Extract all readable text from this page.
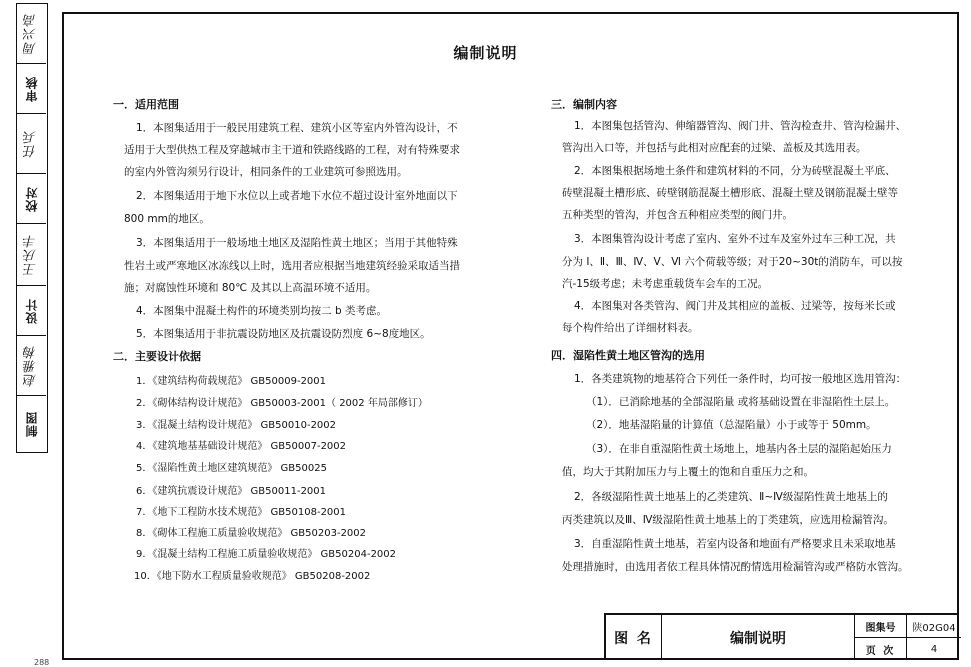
周兴高
审核
任兵
校对
王庆丰
设计
赵雅梅
制图
编制说明
一．适用范围
1．本图集适用于一般民用建筑工程、建筑小区等室内外管沟设计，不
适用于大型供热工程及穿越城市主干道和铁路线路的工程，对有特殊要求
的室内外管沟须另行设计，相同条件的工业建筑可参照选用。
2．本图集适用于地下水位以上或者地下水位不超过设计室外地面以下
800 mm的地区。
3．本图集适用于一般场地土地区及湿陷性黄土地区；当用于其他特殊
性岩土或严寒地区冰冻线以上时，选用者应根据当地建筑经验采取适当措
施；对腐蚀性环境和 80℃ 及其以上高温环境不适用。
4．本图集中混凝土构件的环境类别均按二 b 类考虑。
5．本图集适用于非抗震设防地区及抗震设防烈度 6~8度地区。
二．主要设计依据
1．《建筑结构荷载规范》 GB50009-2001
2．《砌体结构设计规范》 GB50003-2001（ 2002 年局部修订）
3．《混凝土结构设计规范》 GB50010-2002
4．《建筑地基基础设计规范》 GB50007-2002
5．《湿陷性黄土地区建筑规范》 GB50025
6．《建筑抗震设计规范》 GB50011-2001
7．《地下工程防水技术规范》 GB50108-2001
8．《砌体工程施工质量验收规范》 GB50203-2002
9．《混凝土结构工程施工质量验收规范》 GB50204-2002
10．《地下防水工程质量验收规范》 GB50208-2002
三．编制内容
1．本图集包括管沟、伸缩器管沟、阀门井、管沟检查井、管沟检漏井、
管沟出入口等，并包括与此相对应配套的过梁、盖板及其选用表。
2．本图集根据场地土条件和建筑材料的不同，分为砖壁混凝土平底、
砖壁混凝土槽形底、砖壁钢筋混凝土槽形底、混凝土壁及钢筋混凝土壁等
五种类型的管沟，并包含五种相应类型的阀门井。
3．本图集管沟设计考虑了室内、室外不过车及室外过车三种工况，共
分为 Ⅰ、Ⅱ、Ⅲ、Ⅳ、Ⅴ、Ⅵ 六个荷载等级；对于20~30t的消防车，可以按
汽-15级考虑；未考虑重载货车会车的工况。
4．本图集对各类管沟、阀门井及其相应的盖板、过梁等，按每米长或
每个构件给出了详细材料表。
四．湿陷性黄土地区管沟的选用
1．各类建筑物的地基符合下列任一条件时，均可按一般地区选用管沟：
（1）．已消除地基的全部湿陷量 或将基础设置在非湿陷性土层上。
（2）．地基湿陷量的计算值（总湿陷量）小于或等于 50mm。
（3）．在非自重湿陷性黄土场地上，地基内各土层的湿陷起始压力
值，均大于其附加压力与上覆土的饱和自重压力之和。
2．各级湿陷性黄土地基上的乙类建筑、Ⅱ~Ⅳ级湿陷性黄土地基上的
丙类建筑以及Ⅲ、Ⅳ级湿陷性黄土地基上的丁类建筑，应选用检漏管沟。
3．自重湿陷性黄土地基，若室内设备和地面有严格要求且未采取地基
处理措施时，由选用者依工程具体情况酌情选用检漏管沟或严格防水管沟。
图 名	编制说明
图集号	陕02G04
页 次	4
288
